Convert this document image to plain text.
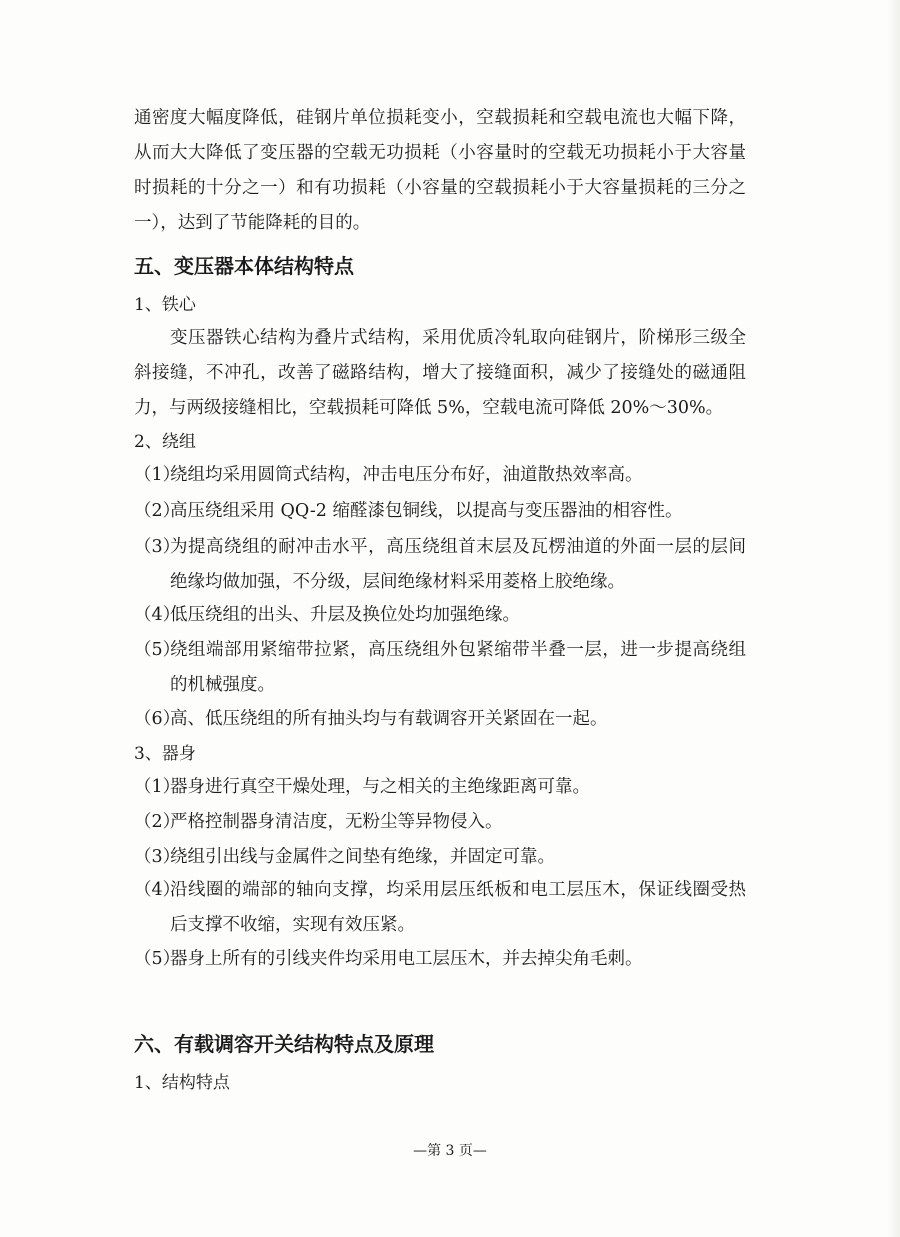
通密度大幅度降低，硅钢片单位损耗变小，空载损耗和空载电流也大幅下降，从而大大降低了变压器的空载无功损耗（小容量时的空载无功损耗小于大容量时损耗的十分之一）和有功损耗（小容量的空载损耗小于大容量损耗的三分之一），达到了节能降耗的目的。
五、变压器本体结构特点
1、铁心
变压器铁心结构为叠片式结构，采用优质冷轧取向硅钢片，阶梯形三级全斜接缝，不冲孔，改善了磁路结构，增大了接缝面积，减少了接缝处的磁通阻力，与两级接缝相比，空载损耗可降低 5%，空载电流可降低 20%～30%。
2、绕组
（1）
绕组均采用圆筒式结构，冲击电压分布好，油道散热效率高。
（2）
高压绕组采用 QQ-2 缩醛漆包铜线，以提高与变压器油的相容性。
（3）
为提高绕组的耐冲击水平，高压绕组首末层及瓦楞油道的外面一层的层间绝缘均做加强，不分级，层间绝缘材料采用菱格上胶绝缘。
（4）
低压绕组的出头、升层及换位处均加强绝缘。
（5）
绕组端部用紧缩带拉紧，高压绕组外包紧缩带半叠一层，进一步提高绕组的机械强度。
（6）
高、低压绕组的所有抽头均与有载调容开关紧固在一起。
3、器身
（1）
器身进行真空干燥处理，与之相关的主绝缘距离可靠。
（2）
严格控制器身清洁度，无粉尘等异物侵入。
（3）
绕组引出线与金属件之间垫有绝缘，并固定可靠。
（4）
沿线圈的端部的轴向支撑，均采用层压纸板和电工层压木，保证线圈受热后支撑不收缩，实现有效压紧。
（5）
器身上所有的引线夹件均采用电工层压木，并去掉尖角毛刺。
六、有载调容开关结构特点及原理
1、结构特点
—第 3 页—
